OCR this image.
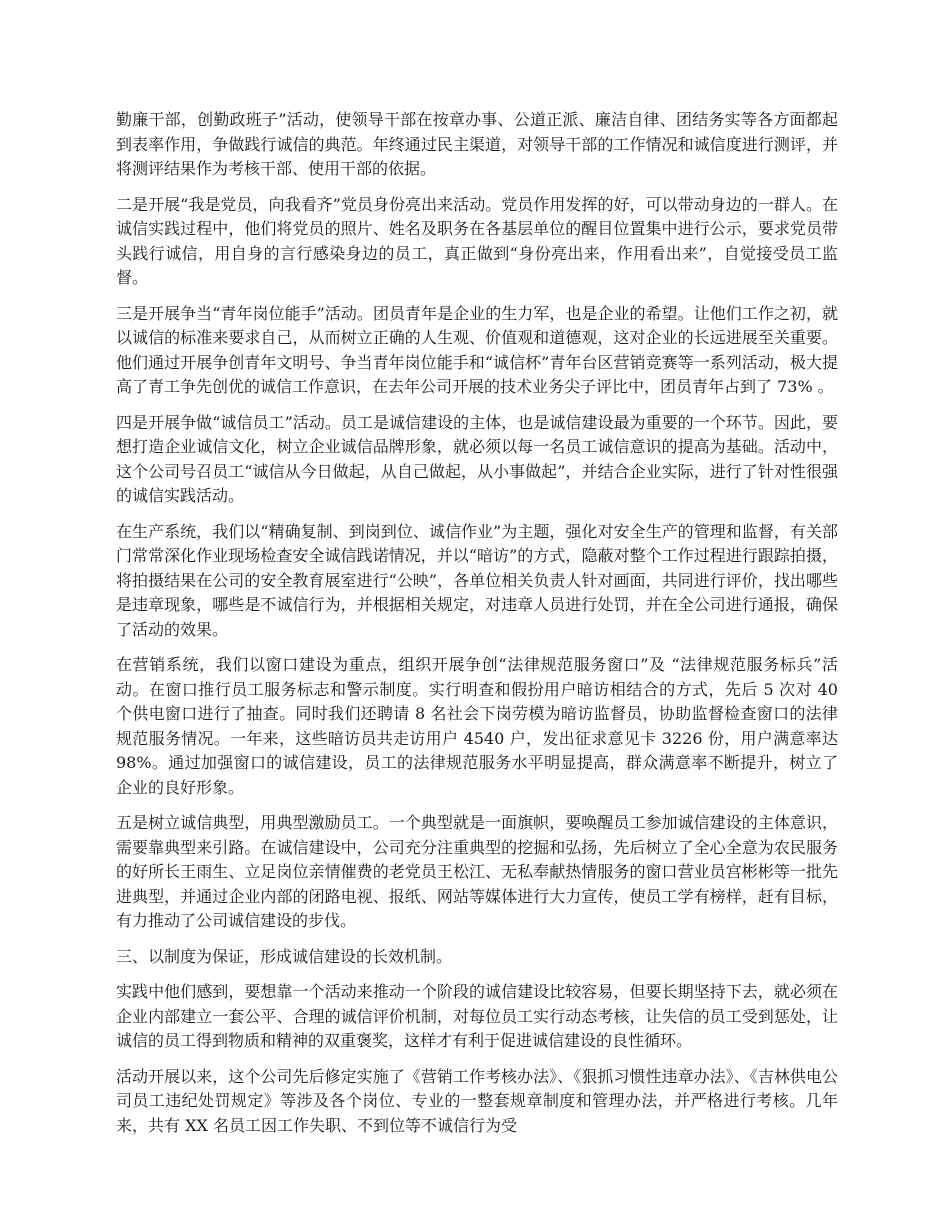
勤廉干部，创勤政班子”活动，使领导干部在按章办事、公道正派、廉洁自律、团结务实等各方面都起到表率作用，争做践行诚信的典范。年终通过民主渠道，对领导干部的工作情况和诚信度进行测评，并将测评结果作为考核干部、使用干部的依据。

二是开展“我是党员，向我看齐”党员身份亮出来活动。党员作用发挥的好，可以带动身边的一群人。在诚信实践过程中，他们将党员的照片、姓名及职务在各基层单位的醒目位置集中进行公示，要求党员带头践行诚信，用自身的言行感染身边的员工，真正做到“身份亮出来，作用看出来”，自觉接受员工监督。

三是开展争当“青年岗位能手”活动。团员青年是企业的生力军，也是企业的希望。让他们工作之初，就以诚信的标准来要求自己，从而树立正确的人生观、价值观和道德观，这对企业的长远进展至关重要。他们通过开展争创青年文明号、争当青年岗位能手和“诚信杯”青年台区营销竞赛等一系列活动，极大提高了青工争先创优的诚信工作意识，在去年公司开展的技术业务尖子评比中，团员青年占到了 73% 。

四是开展争做“诚信员工”活动。员工是诚信建设的主体，也是诚信建设最为重要的一个环节。因此，要想打造企业诚信文化，树立企业诚信品牌形象，就必须以每一名员工诚信意识的提高为基础。活动中，这个公司号召员工“诚信从今日做起，从自己做起，从小事做起”，并结合企业实际，进行了针对性很强的诚信实践活动。

在生产系统，我们以“精确复制、到岗到位、诚信作业”为主题，强化对安全生产的管理和监督，有关部门常常深化作业现场检查安全诚信践诺情况，并以“暗访”的方式，隐蔽对整个工作过程进行跟踪拍摄，将拍摄结果在公司的安全教育展室进行“公映”，各单位相关负责人针对画面，共同进行评价，找出哪些是违章现象，哪些是不诚信行为，并根据相关规定，对违章人员进行处罚，并在全公司进行通报，确保了活动的效果。

在营销系统，我们以窗口建设为重点，组织开展争创“法律规范服务窗口”及 “法律规范服务标兵”活动。在窗口推行员工服务标志和警示制度。实行明查和假扮用户暗访相结合的方式，先后 5 次对 40 个供电窗口进行了抽查。同时我们还聘请 8 名社会下岗劳模为暗访监督员，协助监督检查窗口的法律规范服务情况。一年来，这些暗访员共走访用户 4540 户，发出征求意见卡 3226 份，用户满意率达 98%。通过加强窗口的诚信建设，员工的法律规范服务水平明显提高，群众满意率不断提升，树立了企业的良好形象。

五是树立诚信典型，用典型激励员工。一个典型就是一面旗帜，要唤醒员工参加诚信建设的主体意识，需要靠典型来引路。在诚信建设中，公司充分注重典型的挖掘和弘扬，先后树立了全心全意为农民服务的好所长王雨生、立足岗位亲情催费的老党员王松江、无私奉献热情服务的窗口营业员宫彬彬等一批先进典型，并通过企业内部的闭路电视、报纸、网站等媒体进行大力宣传，使员工学有榜样，赶有目标，有力推动了公司诚信建设的步伐。

三、以制度为保证，形成诚信建设的长效机制。

实践中他们感到，要想靠一个活动来推动一个阶段的诚信建设比较容易，但要长期坚持下去，就必须在企业内部建立一套公平、合理的诚信评价机制，对每位员工实行动态考核，让失信的员工受到惩处，让诚信的员工得到物质和精神的双重褒奖，这样才有利于促进诚信建设的良性循环。

活动开展以来，这个公司先后修定实施了《营销工作考核办法》、《狠抓习惯性违章办法》、《吉林供电公司员工违纪处罚规定》等涉及各个岗位、专业的一整套规章制度和管理办法，并严格进行考核。几年来，共有 XX 名员工因工作失职、不到位等不诚信行为受
